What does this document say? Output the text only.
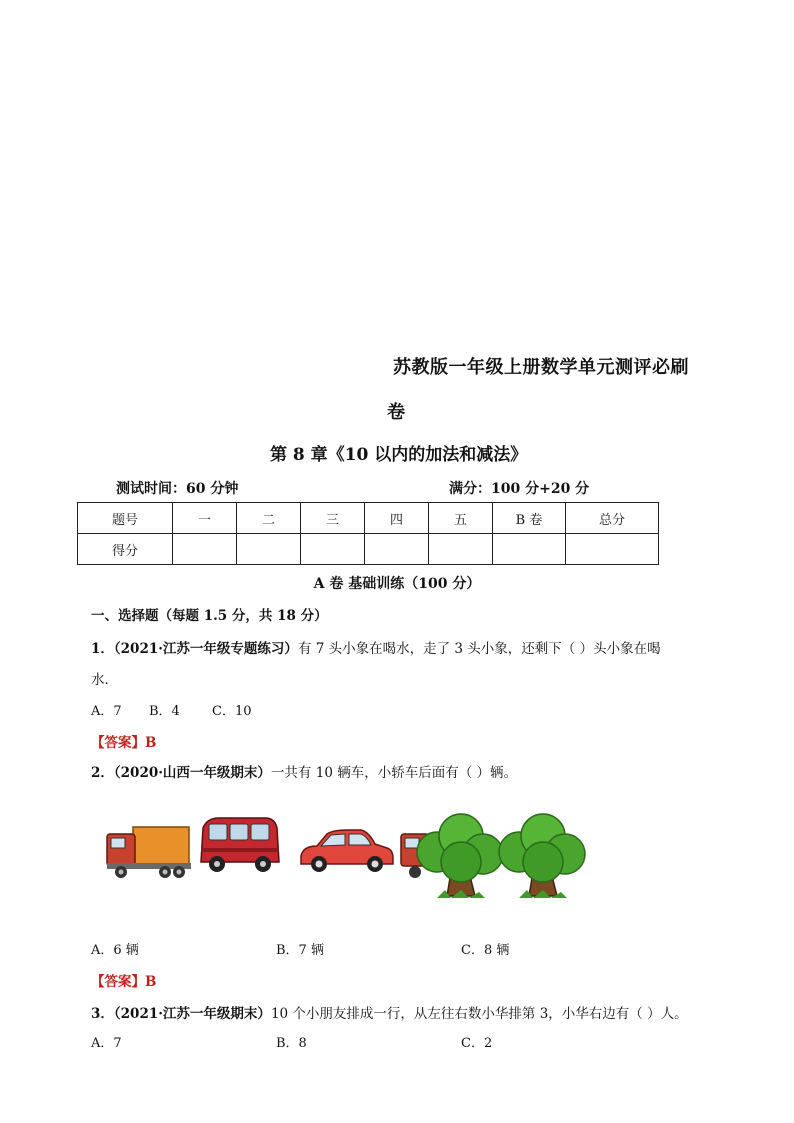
苏教版一年级上册数学单元测评必刷
卷
第 8 章《10 以内的加法和减法》
测试时间：60 分钟	满分：100 分+20 分
题号	一	二	三	四	五	B 卷	总分
得分							
A 卷 基础训练（100 分）
一、选择题（每题 1.5 分，共 18 分）
1．（2021·江苏一年级专题练习）有 7 头小象在喝水，走了 3 头小象，还剩下（ ）头小象在喝
水．
A．7 B．4 C．10
【答案】B
2．（2020·山西一年级期末）一共有 10 辆车，小轿车后面有（ ）辆。
A．6 辆	B．7 辆	C．8 辆
【答案】B
3．（2021·江苏一年级期末）10 个小朋友排成一行，从左往右数小华排第 3，小华右边有（ ）人。
A．7	B．8	C．2
